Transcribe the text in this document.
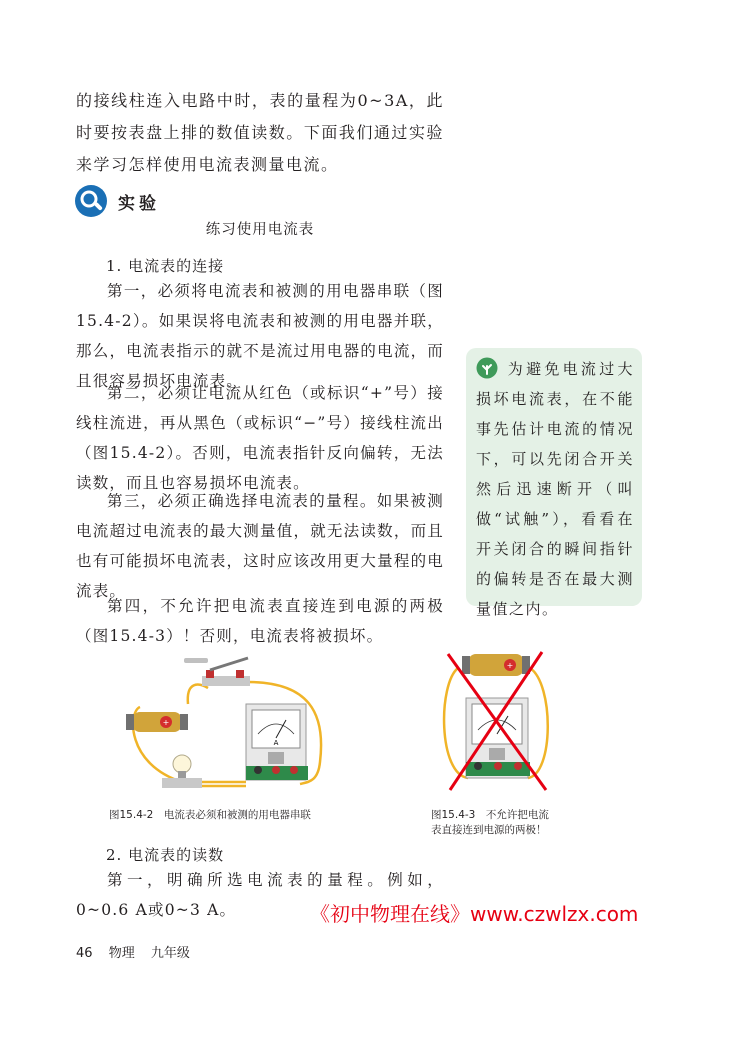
的接线柱连入电路中时，表的量程为0~3A，此时要按表盘上排的数值读数。下面我们通过实验来学习怎样使用电流表测量电流。

实验
练习使用电流表
1. 电流表的连接

第一，必须将电流表和被测的用电器串联（图15.4-2）。如果误将电流表和被测的用电器并联，那么，电流表指示的就不是流过用电器的电流，而且很容易损坏电流表。

第二，必须让电流从红色（或标识“+”号）接线柱流进，再从黑色（或标识“−”号）接线柱流出（图15.4-2）。否则，电流表指针反向偏转，无法读数，而且也容易损坏电流表。

第三，必须正确选择电流表的量程。如果被测电流超过电流表的最大测量值，就无法读数，而且也有可能损坏电流表，这时应该改用更大量程的电流表。

第四，不允许把电流表直接连到电源的两极（图15.4-3）！否则，电流表将被损坏。

为避免电流过大损坏电流表，在不能事先估计电流的情况下，可以先闭合开关然后迅速断开（叫做“试触”），看看在开关闭合的瞬间指针的偏转是否在最大测量值之内。
+
A
图15.4-2　电流表必须和被测的用电器串联
+
图15.4-3　不允许把电流
表直接连到电源的两极！
2. 电流表的读数

第一，明确所选电流表的量程。例如，0~0.6 A或0~3 A。	《初中物理在线》www.czwlzx.com
46 物理 九年级
